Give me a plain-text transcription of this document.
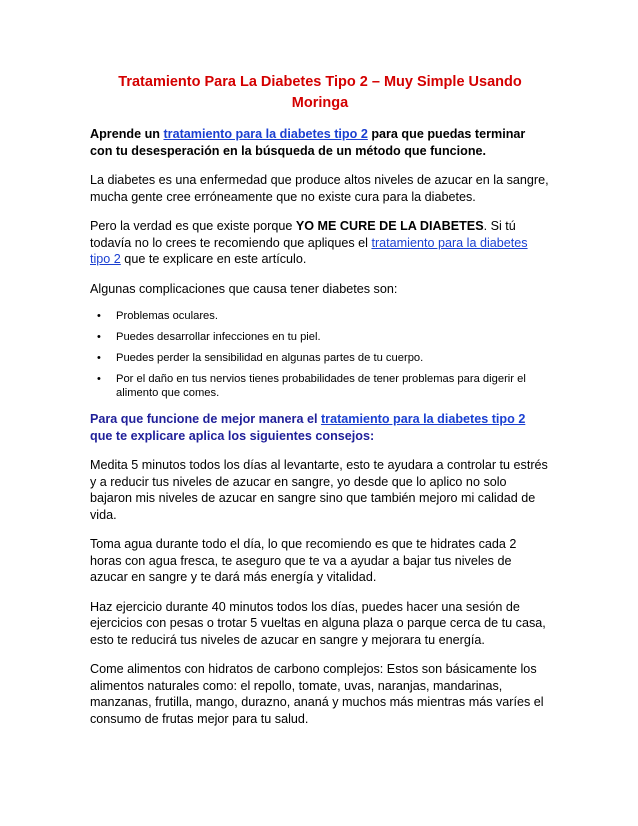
Tratamiento Para La Diabetes Tipo 2 – Muy Simple Usando Moringa

Aprende un tratamiento para la diabetes tipo 2 para que puedas terminar con tu desesperación en la búsqueda de un método que funcione.

La diabetes es una enfermedad que produce altos niveles de azucar en la sangre, mucha gente cree erróneamente que no existe cura para la diabetes.

Pero la verdad es que existe porque YO ME CURE DE LA DIABETES. Si tú todavía no lo crees te recomiendo que apliques el tratamiento para la diabetes tipo 2 que te explicare en este artículo.

Algunas complicaciones que causa tener diabetes son:

• Problemas oculares.
• Puedes desarrollar infecciones en tu piel.
• Puedes perder la sensibilidad en algunas partes de tu cuerpo.
• Por el daño en tus nervios tienes probabilidades de tener problemas para digerir el alimento que comes.

Para que funcione de mejor manera el tratamiento para la diabetes tipo 2 que te explicare aplica los siguientes consejos:

Medita 5 minutos todos los días al levantarte, esto te ayudara a controlar tu estrés y a reducir tus niveles de azucar en sangre, yo desde que lo aplico no solo bajaron mis niveles de azucar en sangre sino que también mejoro mi calidad de vida.

Toma agua durante todo el día, lo que recomiendo es que te hidrates cada 2 horas con agua fresca, te aseguro que te va a ayudar a bajar tus niveles de azucar en sangre y te dará más energía y vitalidad.

Haz ejercicio durante 40 minutos todos los días, puedes hacer una sesión de ejercicios con pesas o trotar 5 vueltas en alguna plaza o parque cerca de tu casa, esto te reducirá tus niveles de azucar en sangre y mejorara tu energía.

Come alimentos con hidratos de carbono complejos: Estos son básicamente los alimentos naturales como: el repollo, tomate, uvas, naranjas, mandarinas, manzanas, frutilla, mango, durazno, ananá y muchos más mientras más varíes el consumo de frutas mejor para tu salud.
